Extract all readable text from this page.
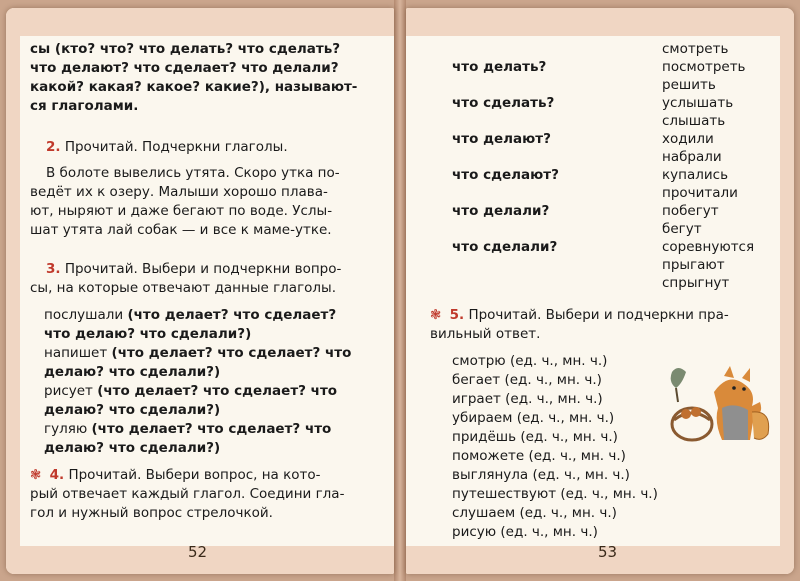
сы (кто? что? что делать? что сделать?
что делают? что сделает? что делали?
какой? какая? какое? какие?), называют-
ся глаголами.
2. Прочитай. Подчеркни глаголы.
В болоте вывелись утята. Скоро утка по-
ведёт их к озеру. Малыши хорошо плава-
ют, ныряют и даже бегают по воде. Услы-
шат утята лай собак — и все к маме-утке.
3. Прочитай. Выбери и подчеркни вопро-
сы, на которые отвечают данные глаголы.
послушали (что делает? что сделает?
что делаю? что сделали?)
напишет (что делает? что сделает? что
делаю? что сделали?)
рисует (что делает? что сделает? что
делаю? что сделали?)
гуляю (что делает? что сделает? что
делаю? что сделали?)
❃ 4. Прочитай. Выбери вопрос, на кото-
рый отвечает каждый глагол. Соедини гла-
гол и нужный вопрос стрелочкой.
52
что делать?
что сделать?
что делают?
что сделают?
что делали?
что сделали?
смотреть
посмотреть
решить
услышать
слышать
ходили
набрали
купались
прочитали
побегут
бегут
соревнуются
прыгают
спрыгнут
❃ 5. Прочитай. Выбери и подчеркни пра-
вильный ответ.
смотрю (ед. ч., мн. ч.)
бегает (ед. ч., мн. ч.)
играет (ед. ч., мн. ч.)
убираем (ед. ч., мн. ч.)
придёшь (ед. ч., мн. ч.)
поможете (ед. ч., мн. ч.)
выглянула (ед. ч., мн. ч.)
путешествуют (ед. ч., мн. ч.)
слушаем (ед. ч., мн. ч.)
рисую (ед. ч., мн. ч.)
53
